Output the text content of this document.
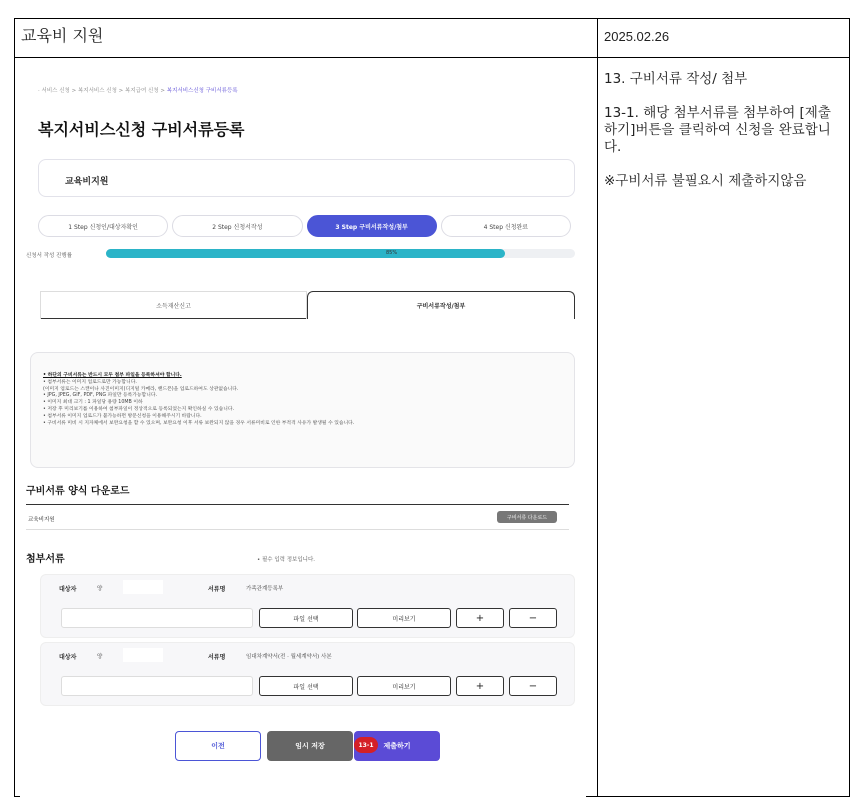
교육비 지원	2025.02.26

13. 구비서류 작성/ 첨부

13-1. 해당 첨부서류를 첨부하여 [제출하기]버튼을 클릭하여 신청을 완료합니다.

※구비서류 불필요시 제출하지않음

· 서비스 신청 > 복지서비스 신청 > 복지급여 신청 > 복지서비스신청 구비서류등록
복지서비스신청 구비서류등록
교육비지원
1 Step 신청인/대상자확인	2 Step 신청서작성	3 Step 구비서류작성/첨부	4 Step 신청완료
신청서 작성 진행률	85%
소득재산신고	구비서류작성/첨부
• 하단의 구비서류는 반드시 모두 첨부 파일을 등록하셔야 합니다.
• 첨부서류는 이미지 업로드로만 가능합니다.
(이미지 업로드는 스캔이나 사진이미지(디지털 카메라, 핸드폰)을 업로드하여도 상관없습니다.
• JPG, JPEG, GIF, PDF, PNG 파일만 등록가능합니다.
• 이미지 최대 크기 : 1 파일당 용량 10MB 이하
• 저장 후 미리보기를 이용하여 첨부파일이 정상적으로 등록되었는지 확인하실 수 있습니다.
• 첨부서류 이미지 업로드가 불가능하면 방문신청을 이용해주시기 바랍니다.
• 구비서류 미비 시 지자체에서 보완요청을 할 수 있으며, 보완요청 이후 서류 보완되지 않을 경우 서류미비로 인한 부적격 사유가 발생될 수 있습니다.
구비서류 양식 다운로드
교육비지원	구비서류 다운로드
첨부서류	• 필수 입력 정보입니다.
대상자	양	서류명	가족관계등록부
파일 선택	미리보기	+	−
대상자	양	서류명	임대차계약서(전 · 월세계약서) 사본
파일 선택	미리보기	+	−
이전	임시 저장	제출하기
13-1
